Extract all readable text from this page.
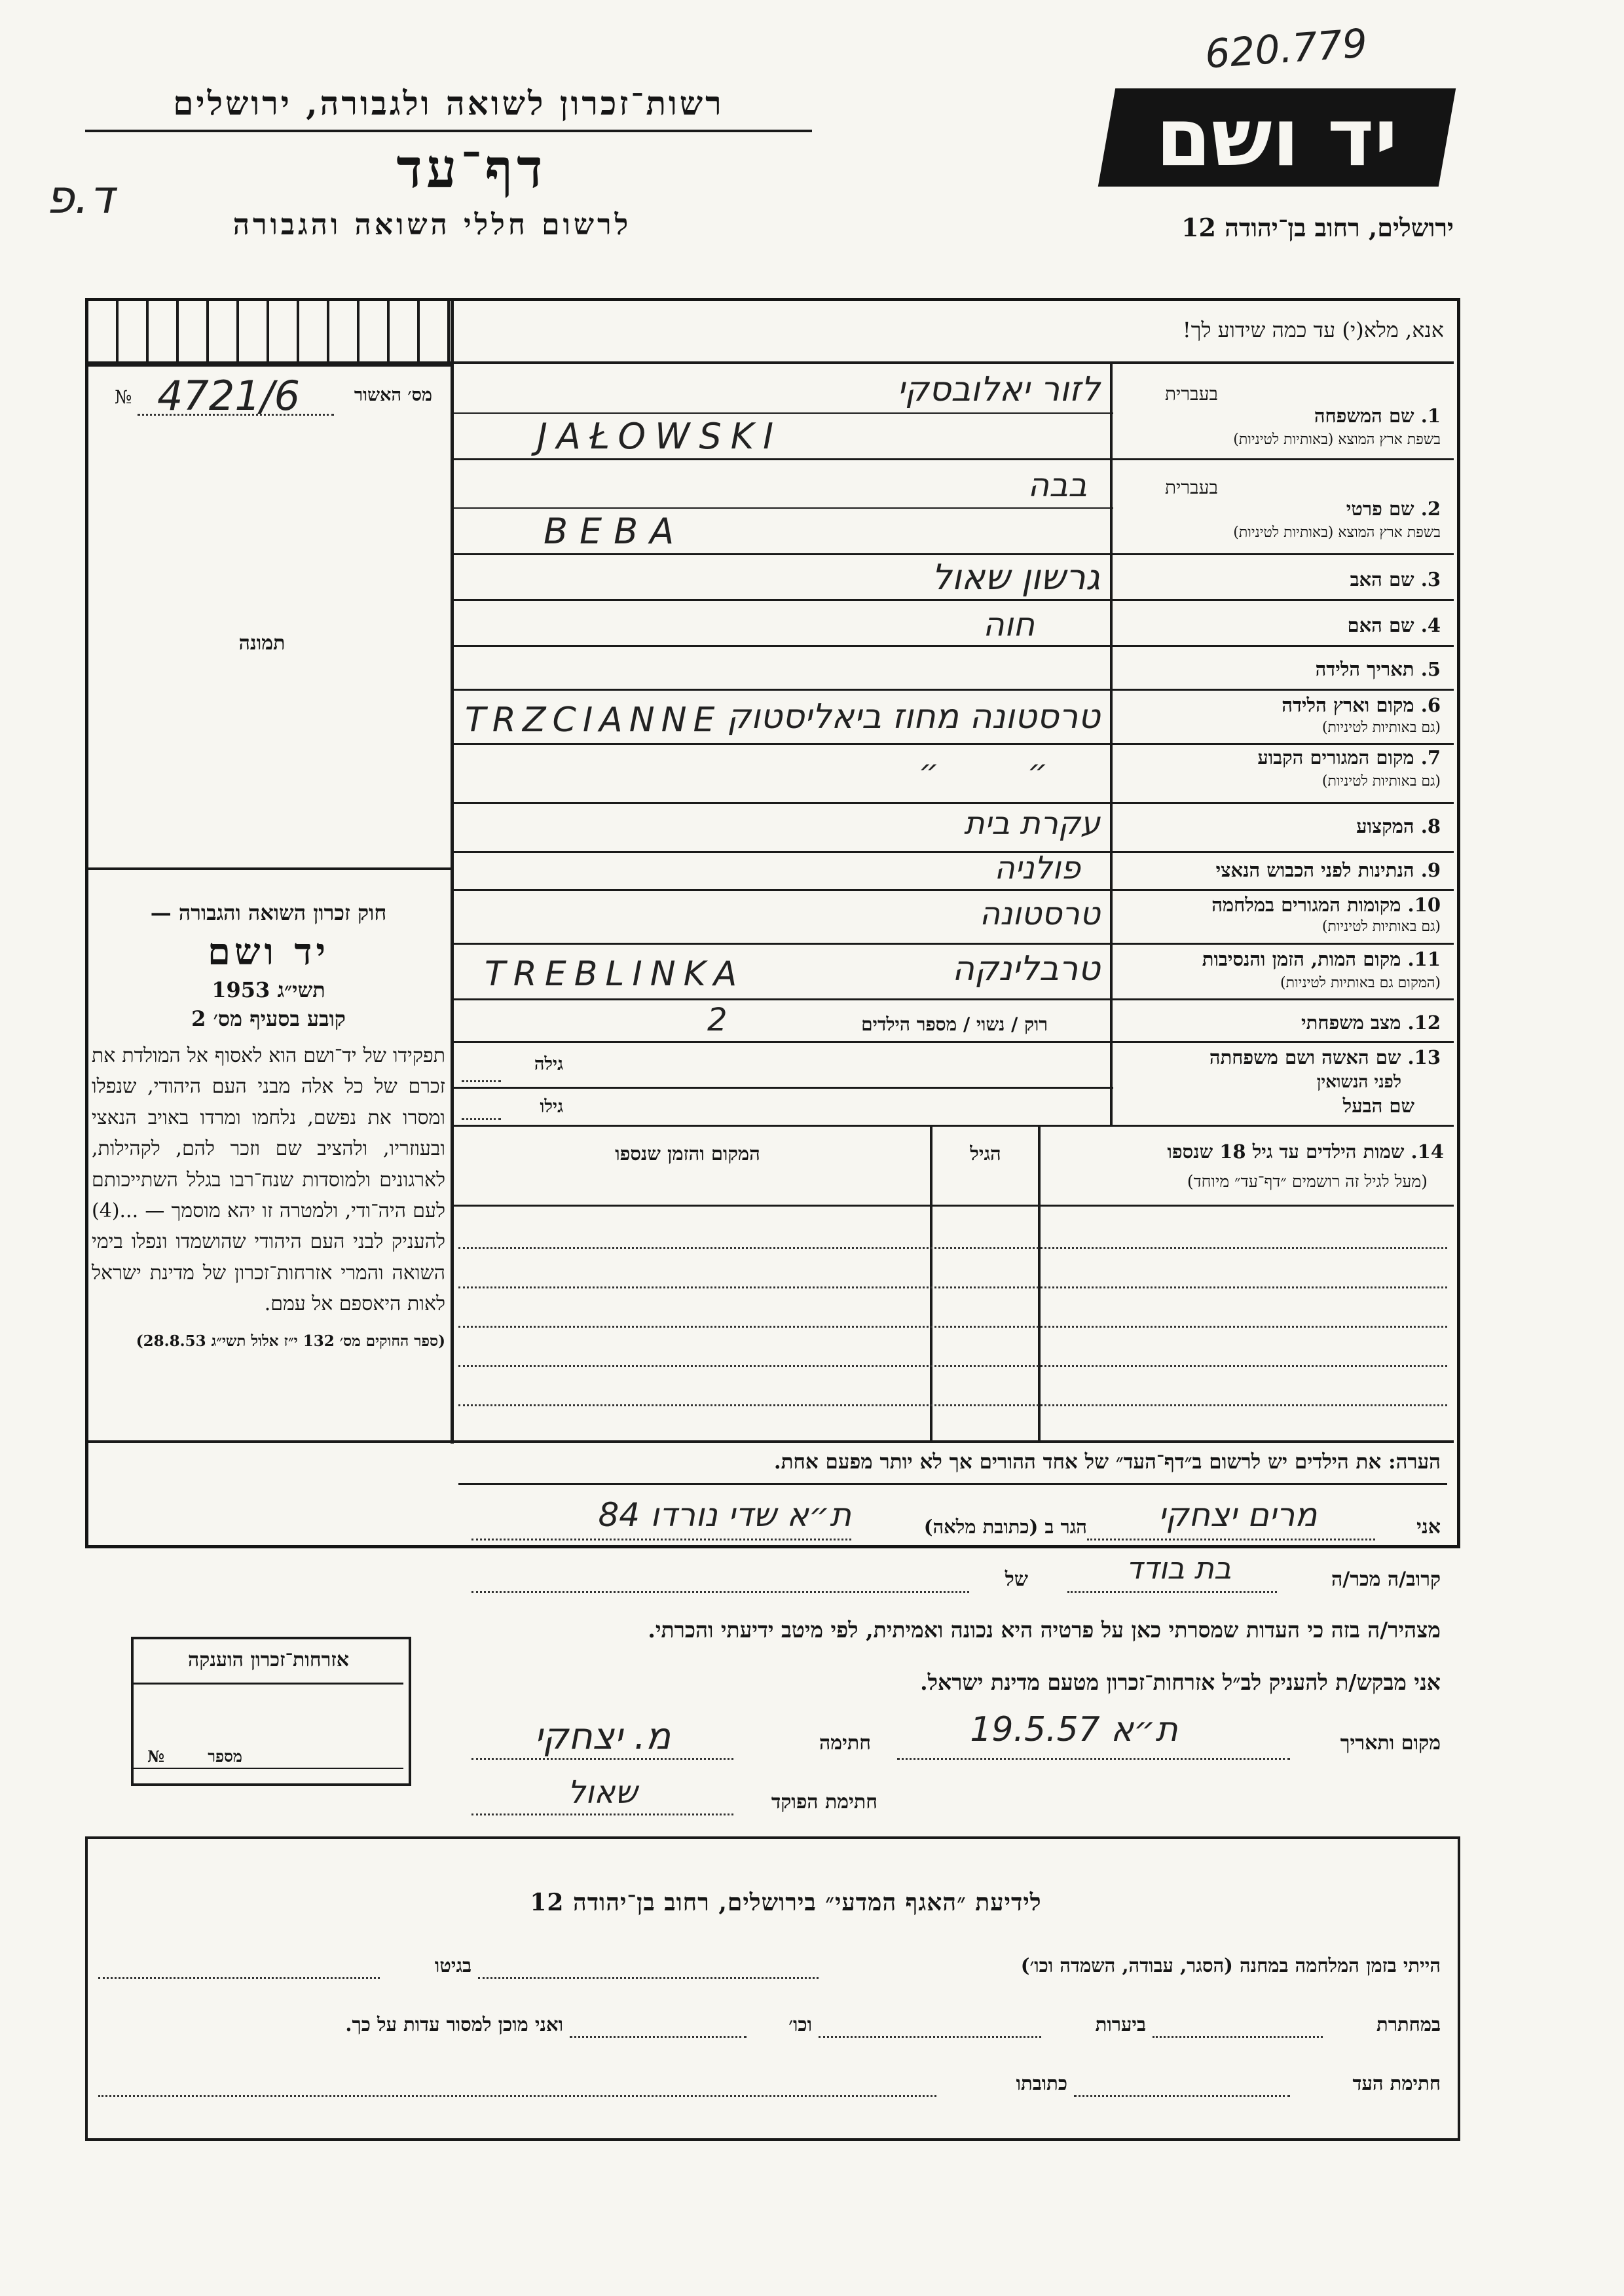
620.779
רשות־זכרון לשואה ולגבורה, ירושלים
דף־עד
לרשום חללי השואה והגבורה
ד.פ
יד ושם
ירושלים, רחוב בן־יהודה 12
אנא, מלא(י) עד כמה שידוע לך!
№ 4721/6	מס׳ האשור
תמונה
בעברית
1. שם המשפחה
בשפת ארץ המוצא (באותיות לטיניות)
לזור יאלובסקי
JAŁOWSKI
בעברית
2. שם פרטי
בשפת ארץ המוצא (באותיות לטיניות)
בבה
BEBA
3. שם האב
גרשון שאול
4. שם האם
חוה
5. תאריך הלידה
6. מקום וארץ הלידה
(גם באותיות לטיניות)
טרסטונה מחוז ביאליסטוק
TRZCIANNE
7. מקום המגורים הקבוע
(גם באותיות לטיניות)
״ ״
8. המקצוע
עקרת בית
9. הנתינות לפני הכבוש הנאצי
פולניה
10. מקומות המגורים במלחמה
(גם באותיות לטיניות)
טרסטונה
11. מקום המות, הזמן והנסיבות
(המקום גם באותיות לטיניות)
טרבלינקה
TREBLINKA
12. מצב משפחתי
רוק / נשוי / מספר הילדים
2
13. שם האשה ושם משפחתה
לפני הנשואין
גילה
שם הבעל
גילו
14. שמות הילדים עד גיל 18 שנספו
(מעל לגיל זה רושמים ״דף־עד״ מיוחד)
הגיל
המקום והזמן שנספו
חוק זכרון השואה והגבורה —
יד ושם
תשי״ג 1953
קובע בסעיף מס׳ 2
תפקידו של יד־ושם הוא לאסוף אל המולדת את זכרם של כל אלה מבני העם היהודי, שנפלו ומסרו את נפשם, נלחמו ומרדו באויב הנאצי ובעוזריו, ולהציב שם וזכר להם, לקהילות, לארגונים ולמוסדות שנח־רבו בגלל השתייכותם לעם היה־ודי, ולמטרה זו יהא מוסמך — ...(4) להעניק לבני העם היהודי שהושמדו ונפלו בימי השואה והמרי אזרחות־זכרון של מדינת ישראל לאות היאספם אל עמם.
(ספר החוקים מס׳ 132 י״ז אלול תשי״ג 28.8.53)
הערה: את הילדים יש לרשום ב״דף־העד״ של אחד ההורים אך לא יותר מפעם אחת.
אני
מרים יצחקי
הגר ב (כתובת מלאה)
ת״א שדי נורדו 84
קרוב/ה מכר/ה
בת בודד
של
מצהיר/ה בזה כי העדות שמסרתי כאן על פרטיה היא נכונה ואמיתית, לפי מיטב ידיעתי והכרתי.
אני מבקש/ת להעניק לב״ל אזרחות־זכרון מטעם מדינת ישראל.
מקום ותאריך
ת״א 19.5.57
חתימה
מ. יצחקי
חתימת הפוקד
שאול
אזרחות־זכרון הוענקה
№	מספר
לידיעת ״האגף המדעי״ בירושלים, רחוב בן־יהודה 12
הייתי בזמן המלחמה במחנה (הסגר, עבודה, השמדה וכו׳)
בגיטו
במחתרת
ביערות
וכו׳
ואני מוכן למסור עדות על כך.
חתימת העד
כתובתו
